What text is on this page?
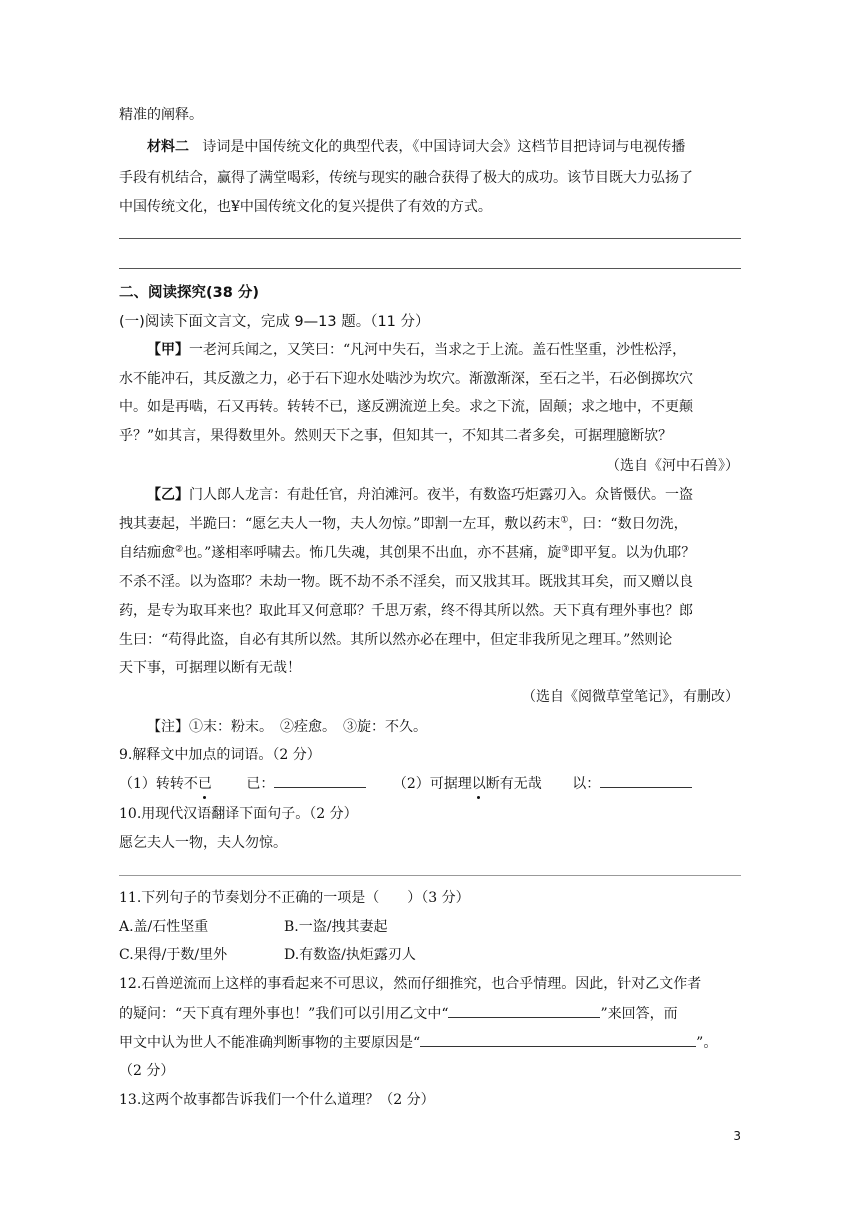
精准的阐释。
材料二 诗词是中国传统文化的典型代表，《中国诗词大会》这档节目把诗词与电视传播
手段有机结合，赢得了满堂喝彩，传统与现实的融合获得了极大的成功。该节目既大力弘扬了
中国传统文化，也¥中国传统文化的复兴提供了有效的方式。
二、阅读探究(38 分)
(一)阅读下面文言文，完成 9—13 题。（11 分）
【甲】一老河兵闻之，又笑曰：“凡河中失石，当求之于上流。盖石性坚重，沙性松浮，
水不能冲石，其反激之力，必于石下迎水处啮沙为坎穴。渐激渐深，至石之半，石必倒掷坎穴
中。如是再啮，石又再转。转转不已，遂反溯流逆上矣。求之下流，固颠；求之地中，不更颠
乎？”如其言，果得数里外。然则天下之事，但知其一，不知其二者多矣，可据理臆断欤？
（选自《河中石兽》）
【乙】门人郎人龙言：有赴任官，舟泊滩河。夜半，有数盗巧炬露刃入。众皆慑伏。一盗
拽其妻起，半跪曰：“愿乞夫人一物，夫人勿惊。”即割一左耳，敷以药末①，曰：“数日勿洗，
自结痂愈②也。”遂相率呼啸去。怖几失魂，其创果不出血，亦不甚痛，旋③即平复。以为仇耶？
不杀不淫。以为盗耶？未劫一物。既不劫不杀不淫矣，而又戕其耳。既戕其耳矣，而又赠以良
药，是专为取耳来也？取此耳又何意耶？千思万索，终不得其所以然。天下真有理外事也？郎
生曰：“苟得此盗，自必有其所以然。其所以然亦必在理中，但定非我所见之理耳。”然则论
天下事，可据理以断有无哉！
（选自《阅微草堂笔记》，有删改）
【注】①末：粉末。　②痊愈。　③旋：不久。
9.解释文中加点的词语。（2 分）
（1）转转不已 已：	（2）可据理以断有无哉 以：
10.用现代汉语翻译下面句子。（2 分）
愿乞夫人一物，夫人勿惊。
11.下列句子的节奏划分不正确的一项是（　　）（3 分）
A.盖/石性坚重	B.一盗/拽其妻起
C.果得/于数/里外	D.有数盗/执炬露刃人
12.石兽逆流而上这样的事看起来不可思议，然而仔细推究，也合乎情理。因此，针对乙文作者
的疑问：“天下真有理外事也！”我们可以引用乙文中“	”来回答，而
甲文中认为世人不能准确判断事物的主要原因是“	”。
（2 分）
13.这两个故事都告诉我们一个什么道理？（2 分）
3
